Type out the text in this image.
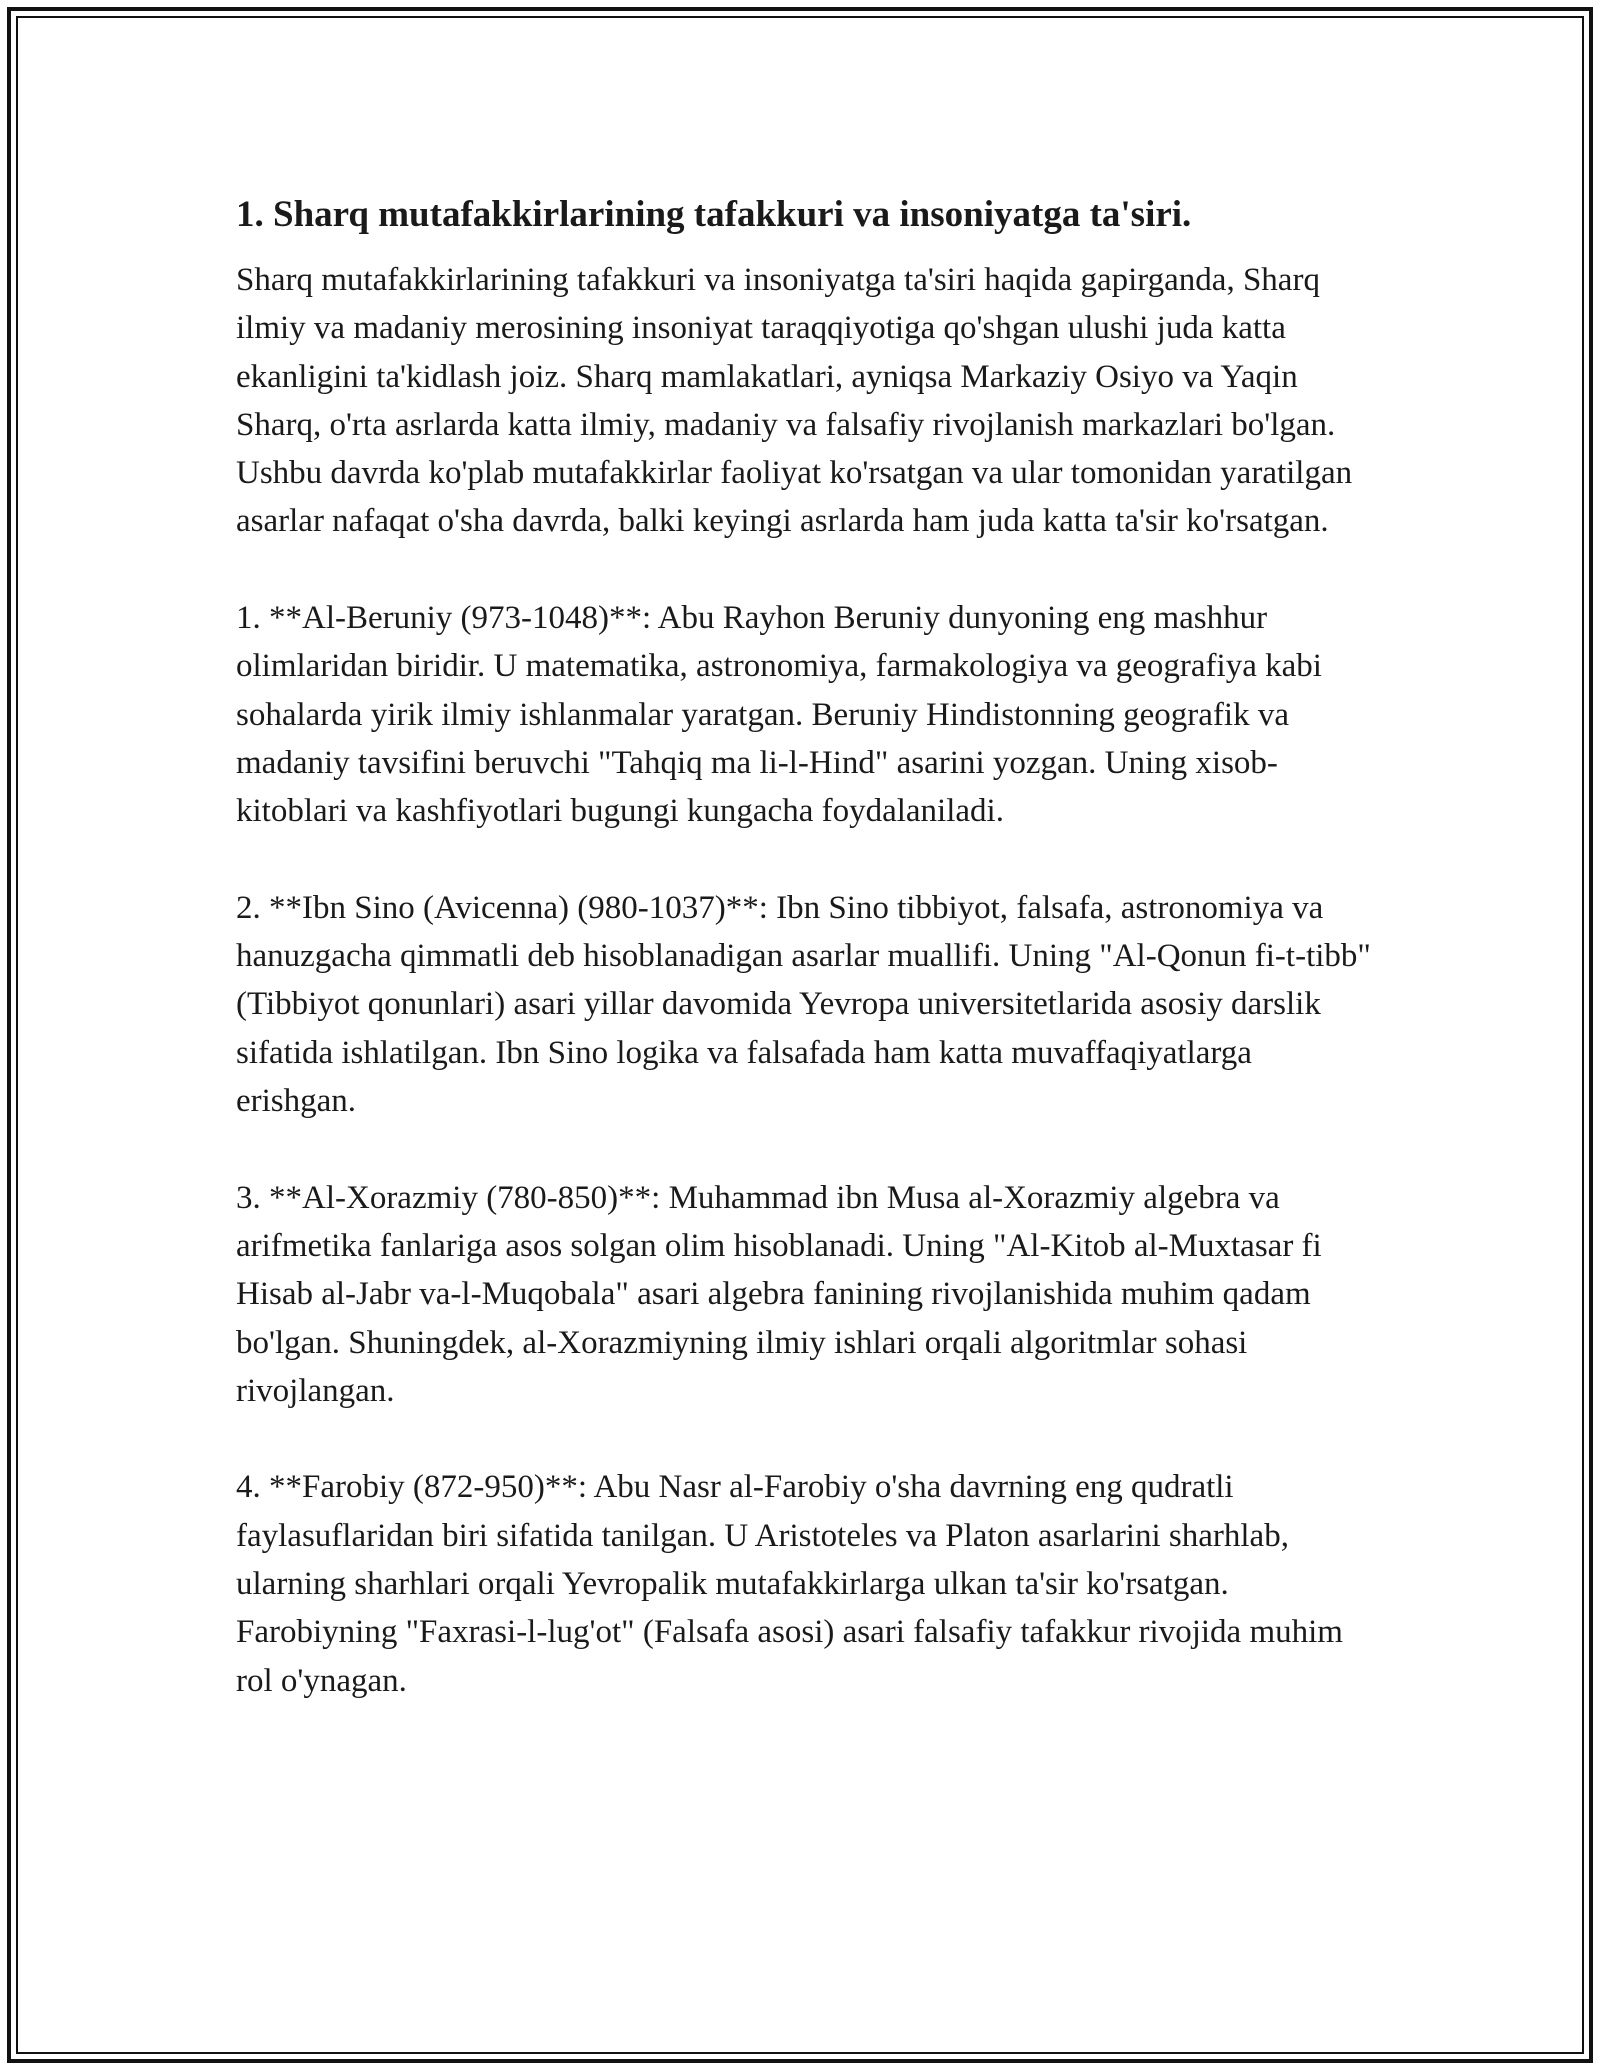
1. Sharq mutafakkirlarining tafakkuri va insoniyatga ta'siri.

Sharq mutafakkirlarining tafakkuri va insoniyatga ta'siri haqida gapirganda, Sharq ilmiy va madaniy merosining insoniyat taraqqiyotiga qo'shgan ulushi juda katta ekanligini ta'kidlash joiz. Sharq mamlakatlari, ayniqsa Markaziy Osiyo va Yaqin Sharq, o'rta asrlarda katta ilmiy, madaniy va falsafiy rivojlanish markazlari bo'lgan. Ushbu davrda ko'plab mutafakkirlar faoliyat ko'rsatgan va ular tomonidan yaratilgan asarlar nafaqat o'sha davrda, balki keyingi asrlarda ham juda katta ta'sir ko'rsatgan.

1. **Al-Beruniy (973-1048)**: Abu Rayhon Beruniy dunyoning eng mashhur olimlaridan biridir. U matematika, astronomiya, farmakologiya va geografiya kabi sohalarda yirik ilmiy ishlanmalar yaratgan. Beruniy Hindistonning geografik va madaniy tavsifini beruvchi "Tahqiq ma li-l-Hind" asarini yozgan. Uning xisob-kitoblari va kashfiyotlari bugungi kungacha foydalaniladi.

2. **Ibn Sino (Avicenna) (980-1037)**: Ibn Sino tibbiyot, falsafa, astronomiya va hanuzgacha qimmatli deb hisoblanadigan asarlar muallifi. Uning "Al-Qonun fi-t-tibb" (Tibbiyot qonunlari) asari yillar davomida Yevropa universitetlarida asosiy darslik sifatida ishlatilgan. Ibn Sino logika va falsafada ham katta muvaffaqiyatlarga erishgan.

3. **Al-Xorazmiy (780-850)**: Muhammad ibn Musa al-Xorazmiy algebra va arifmetika fanlariga asos solgan olim hisoblanadi. Uning "Al-Kitob al-Muxtasar fi Hisab al-Jabr va-l-Muqobala" asari algebra fanining rivojlanishida muhim qadam bo'lgan. Shuningdek, al-Xorazmiyning ilmiy ishlari orqali algoritmlar sohasi rivojlangan.

4. **Farobiy (872-950)**: Abu Nasr al-Farobiy o'sha davrning eng qudratli faylasuflaridan biri sifatida tanilgan. U Aristoteles va Platon asarlarini sharhlab, ularning sharhlari orqali Yevropalik mutafakkirlarga ulkan ta'sir ko'rsatgan. Farobiyning "Faxrasi-l-lug'ot" (Falsafa asosi) asari falsafiy tafakkur rivojida muhim rol o'ynagan.
